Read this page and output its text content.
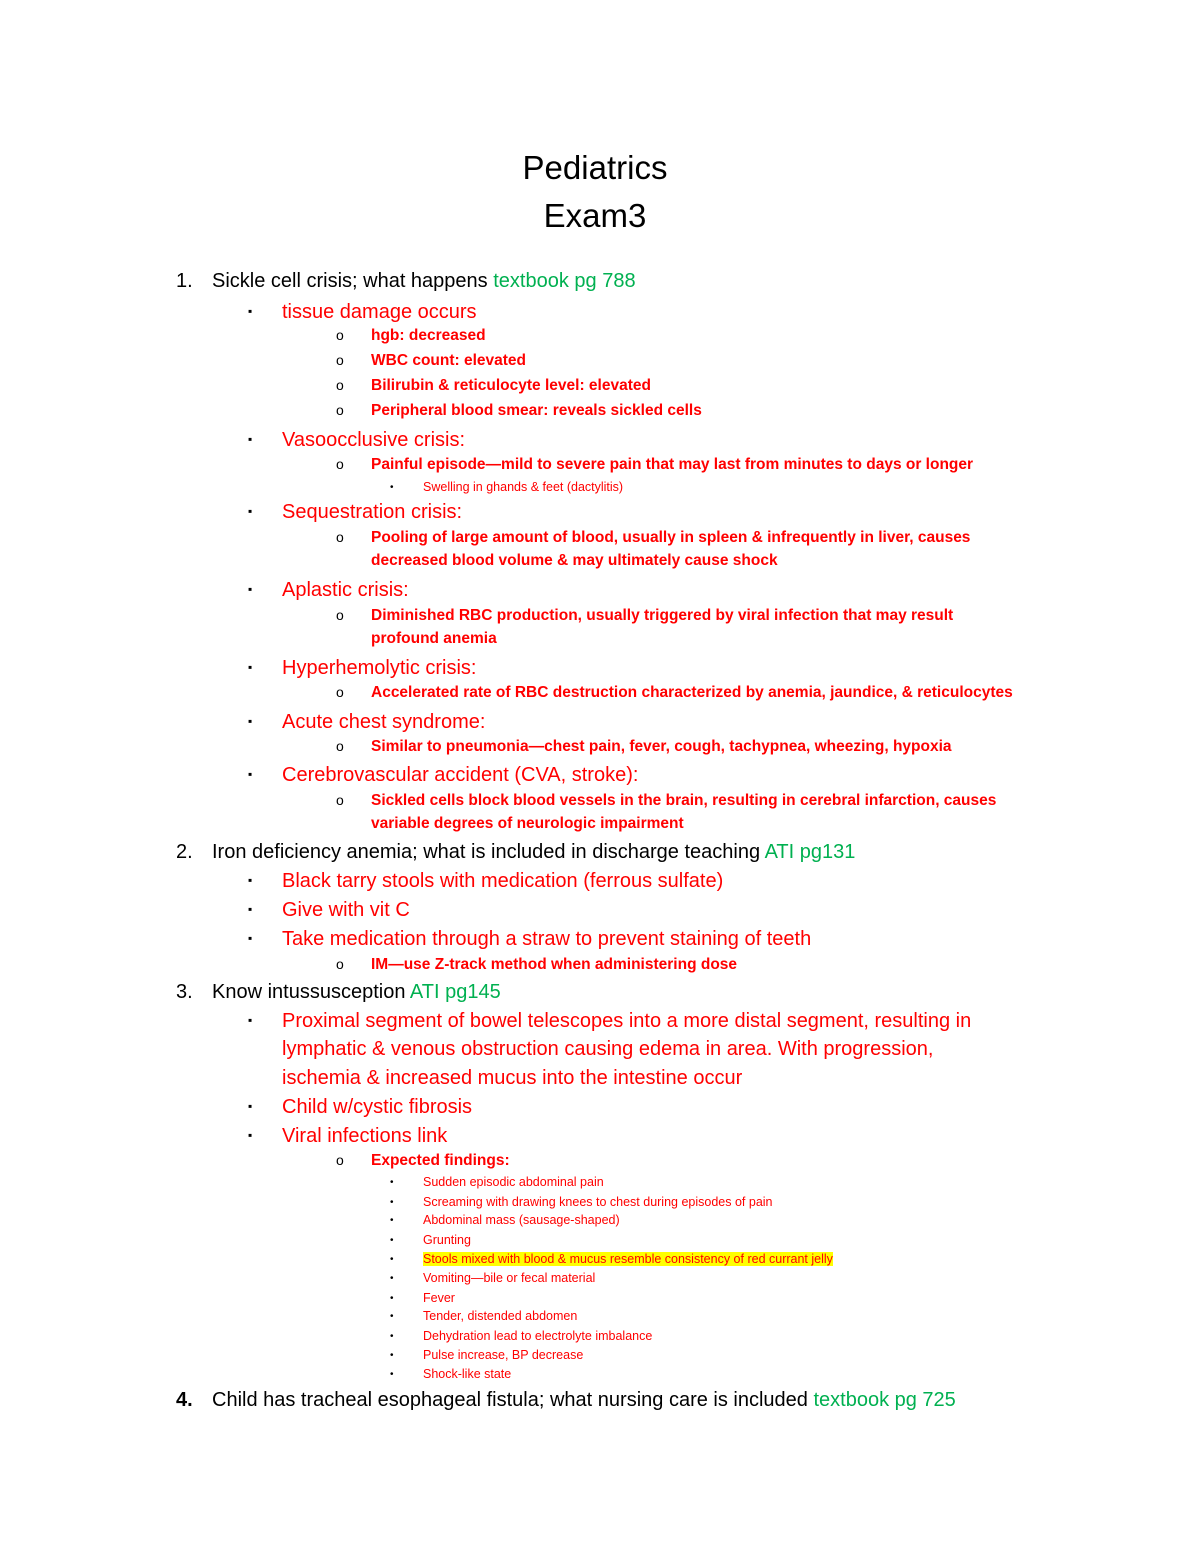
Pediatrics
Exam3
1. Sickle cell crisis; what happens textbook pg 788
▪ tissue damage occurs
o hgb: decreased
o WBC count: elevated
o Bilirubin & reticulocyte level: elevated
o Peripheral blood smear: reveals sickled cells
▪ Vasoocclusive crisis:
o Painful episode—mild to severe pain that may last from minutes to days or longer
• Swelling in ghands & feet (dactylitis)
▪ Sequestration crisis:
o Pooling of large amount of blood, usually in spleen & infrequently in liver, causes
decreased blood volume & may ultimately cause shock
▪ Aplastic crisis:
o Diminished RBC production, usually triggered by viral infection that may result
profound anemia
▪ Hyperhemolytic crisis:
o Accelerated rate of RBC destruction characterized by anemia, jaundice, & reticulocytes
▪ Acute chest syndrome:
o Similar to pneumonia—chest pain, fever, cough, tachypnea, wheezing, hypoxia
▪ Cerebrovascular accident (CVA, stroke):
o Sickled cells block blood vessels in the brain, resulting in cerebral infarction, causes
variable degrees of neurologic impairment
2. Iron deficiency anemia; what is included in discharge teaching ATI pg131
▪ Black tarry stools with medication (ferrous sulfate)
▪ Give with vit C
▪ Take medication through a straw to prevent staining of teeth
o IM—use Z-track method when administering dose
3. Know intussusception ATI pg145
▪ Proximal segment of bowel telescopes into a more distal segment, resulting in
lymphatic & venous obstruction causing edema in area. With progression,
ischemia & increased mucus into the intestine occur
▪ Child w/cystic fibrosis
▪ Viral infections link
o Expected findings:
• Sudden episodic abdominal pain
• Screaming with drawing knees to chest during episodes of pain
• Abdominal mass (sausage-shaped)
• Grunting
• Stools mixed with blood & mucus resemble consistency of red currant jelly
• Vomiting—bile or fecal material
• Fever
• Tender, distended abdomen
• Dehydration lead to electrolyte imbalance
• Pulse increase, BP decrease
• Shock-like state
4. Child has tracheal esophageal fistula; what nursing care is included textbook pg 725
